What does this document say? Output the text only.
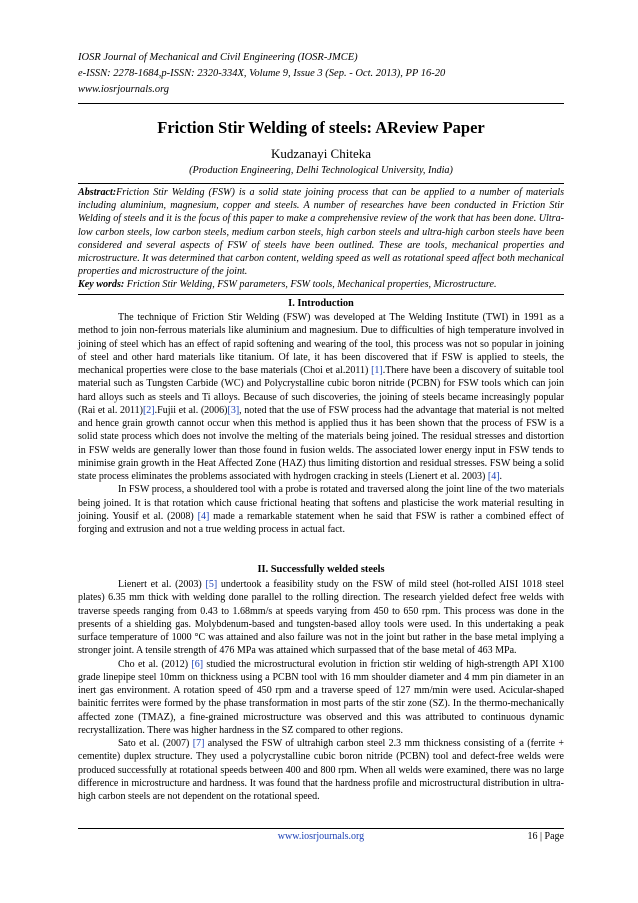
IOSR Journal of Mechanical and Civil Engineering (IOSR-JMCE)
e-ISSN: 2278-1684,p-ISSN: 2320-334X, Volume 9, Issue 3 (Sep. - Oct. 2013), PP 16-20
www.iosrjournals.org
Friction Stir Welding of steels: AReview Paper
Kudzanayi Chiteka
(Production Engineering, Delhi Technological University, India)
Abstract:Friction Stir Welding (FSW) is a solid state joining process that can be applied to a number of materials including aluminium, magnesium, copper and steels. A number of researches have been conducted in Friction Stir Welding of steels and it is the focus of this paper to make a comprehensive review of the work that has been done. Ultra-low carbon steels, low carbon steels, medium carbon steels, high carbon steels and ultra-high carbon steels have been considered and several aspects of FSW of steels have been outlined. These are tools, mechanical properties and microstructure. It was determined that carbon content, welding speed as well as rotational speed affect both mechanical properties and microstructure of the joint.
Key words: Friction Stir Welding, FSW parameters, FSW tools, Mechanical properties, Microstructure.
I. Introduction

The technique of Friction Stir Welding (FSW) was developed at The Welding Institute (TWI) in 1991 as a method to join non-ferrous materials like aluminium and magnesium. Due to difficulties of high temperature involved in joining of steel which has an effect of rapid softening and wearing of the tool, this process was not so popular in joining of steel and other hard materials like titanium. Of late, it has been discovered that if FSW is applied to steels, the mechanical properties were close to the base materials (Choi et al.2011) [1].There have been a discovery of suitable tool material such as Tungsten Carbide (WC) and Polycrystalline cubic boron nitride (PCBN) for FSW tools which can join hard alloys such as steels and Ti alloys. Because of such discoveries, the joining of steels became increasingly popular (Rai et al. 2011)[2].Fujii et al. (2006)[3], noted that the use of FSW process had the advantage that material is not melted and hence grain growth cannot occur when this method is applied thus it has been shown that the process of FSW is a solid state process which does not involve the melting of the materials being joined. The residual stresses and distortion in FSW welds are generally lower than those found in fusion welds. The associated lower energy input in FSW tends to minimise grain growth in the Heat Affected Zone (HAZ) thus limiting distortion and residual stresses. FSW being a solid state process eliminates the problems associated with hydrogen cracking in steels (Lienert et al. 2003) [4].

In FSW process, a shouldered tool with a probe is rotated and traversed along the joint line of the two materials being joined. It is that rotation which cause frictional heating that softens and plasticise the work material resulting in joining. Yousif et al. (2008) [4] made a remarkable statement when he said that FSW is rather a combined effect of forging and extrusion and not a true welding process in actual fact.

II. Successfully welded steels

Lienert et al. (2003) [5] undertook a feasibility study on the FSW of mild steel (hot-rolled AISI 1018 steel plates) 6.35 mm thick with welding done parallel to the rolling direction. The research yielded defect free welds with traverse speeds ranging from 0.43 to 1.68mm/s at speeds varying from 450 to 650 rpm. This process was done in the presents of a shielding gas. Molybdenum-based and tungsten-based alloy tools were used. In this undertaking a peak surface temperature of 1000 °C was attained and also failure was not in the joint but rather in the base metal implying a stronger joint. A tensile strength of 476 MPa was attained which surpassed that of the base metal of 463 MPa.

Cho et al. (2012) [6] studied the microstructural evolution in friction stir welding of high-strength API X100 grade linepipe steel 10mm on thickness using a PCBN tool with 16 mm shoulder diameter and 4 mm pin diameter in an inert gas environment. A rotation speed of 450 rpm and a traverse speed of 127 mm/min were used. Acicular-shaped bainitic ferrites were formed by the phase transformation in most parts of the stir zone (SZ). In the thermo-mechanically affected zone (TMAZ), a fine-grained microstructure was observed and this was attributed to continuous dynamic recrystallization. There was higher hardness in the SZ compared to other regions.

Sato et al. (2007) [7] analysed the FSW of ultrahigh carbon steel 2.3 mm thickness consisting of a (ferrite + cementite) duplex structure. They used a polycrystalline cubic boron nitride (PCBN) tool and defect-free welds were produced successfully at rotational speeds between 400 and 800 rpm. When all welds were examined, there was no large difference in microstructure and hardness. It was found that the hardness profile and microstructural distribution in ultra-high carbon steels are not dependent on the rotational speed.

www.iosrjournals.org	16 | Page
